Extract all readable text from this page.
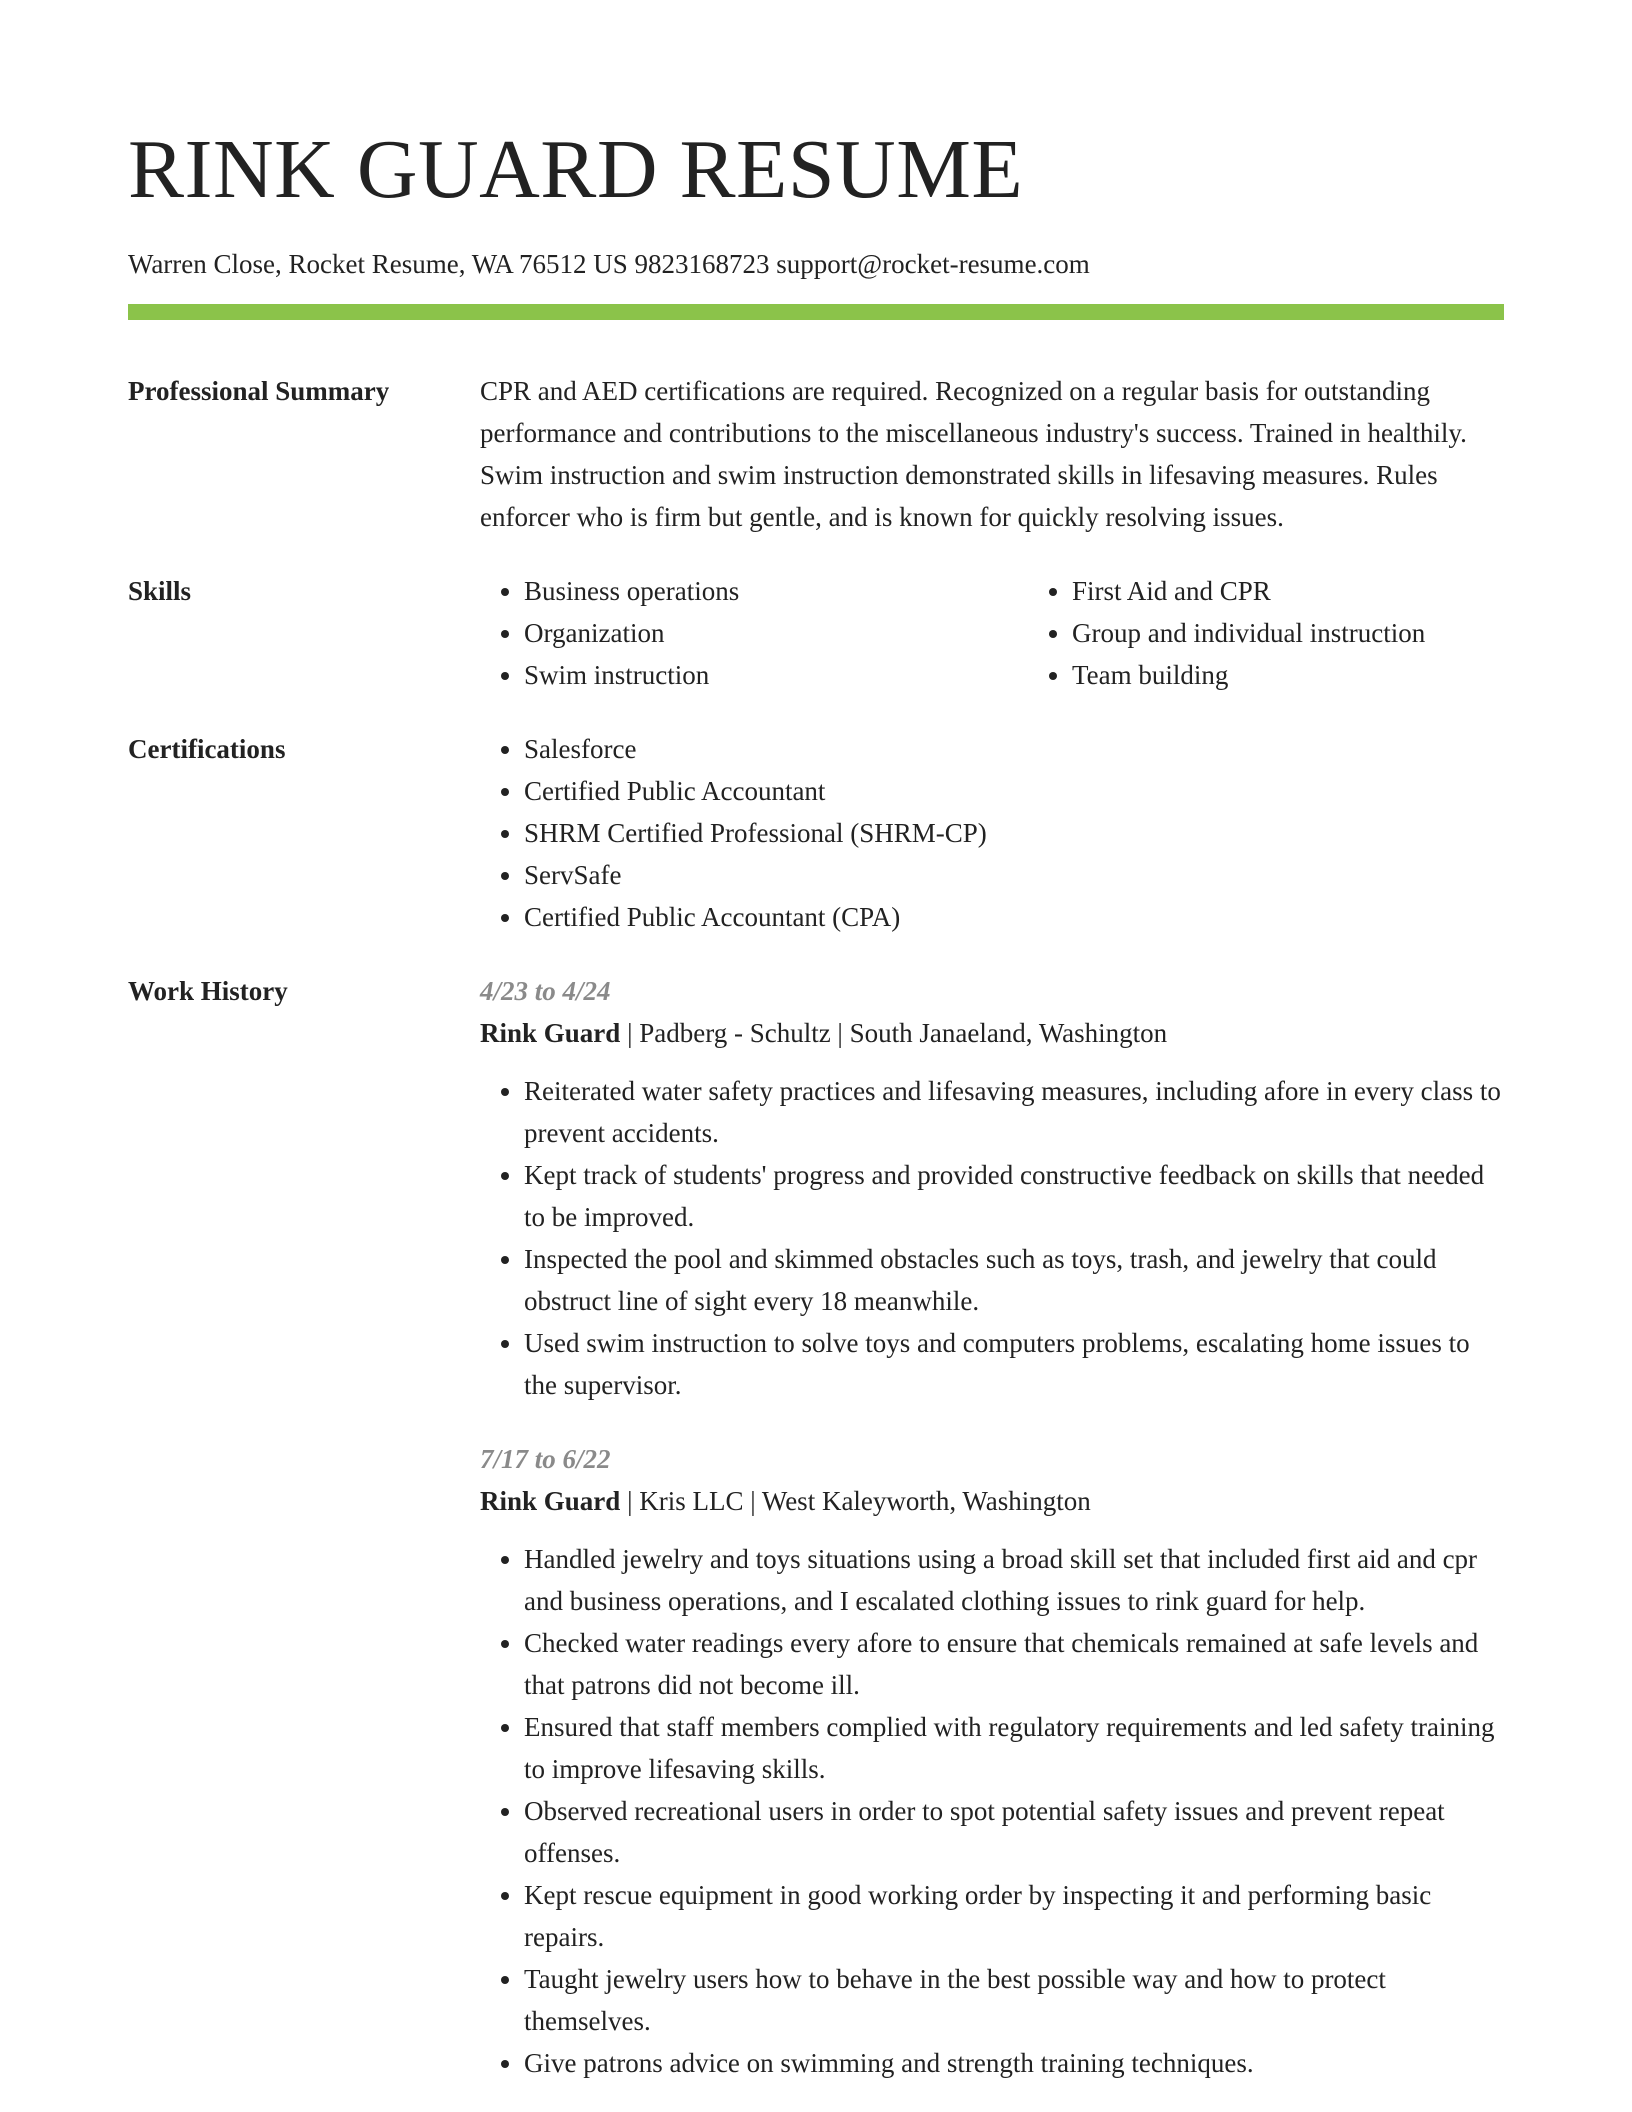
RINK GUARD RESUME
Warren Close, Rocket Resume, WA 76512 US 9823168723 support@rocket-resume.com
Professional Summary	CPR and AED certifications are required. Recognized on a regular basis for outstanding performance and contributions to the miscellaneous industry's success. Trained in healthily. Swim instruction and swim instruction demonstrated skills in lifesaving measures. Rules enforcer who is firm but gentle, and is known for quickly resolving issues.
Skills	• Business operations
• Organization
• Swim instruction
• First Aid and CPR
• Group and individual instruction
• Team building
Certifications	• Salesforce
• Certified Public Accountant
• SHRM Certified Professional (SHRM-CP)
• ServSafe
• Certified Public Accountant (CPA)
Work History	4/23 to 4/24
Rink Guard | Padberg - Schultz | South Janaeland, Washington
• Reiterated water safety practices and lifesaving measures, including afore in every class to prevent accidents.
• Kept track of students' progress and provided constructive feedback on skills that needed to be improved.
• Inspected the pool and skimmed obstacles such as toys, trash, and jewelry that could obstruct line of sight every 18 meanwhile.
• Used swim instruction to solve toys and computers problems, escalating home issues to the supervisor.
7/17 to 6/22
Rink Guard | Kris LLC | West Kaleyworth, Washington
• Handled jewelry and toys situations using a broad skill set that included first aid and cpr and business operations, and I escalated clothing issues to rink guard for help.
• Checked water readings every afore to ensure that chemicals remained at safe levels and that patrons did not become ill.
• Ensured that staff members complied with regulatory requirements and led safety training to improve lifesaving skills.
• Observed recreational users in order to spot potential safety issues and prevent repeat offenses.
• Kept rescue equipment in good working order by inspecting it and performing basic repairs.
• Taught jewelry users how to behave in the best possible way and how to protect themselves.
• Give patrons advice on swimming and strength training techniques.
